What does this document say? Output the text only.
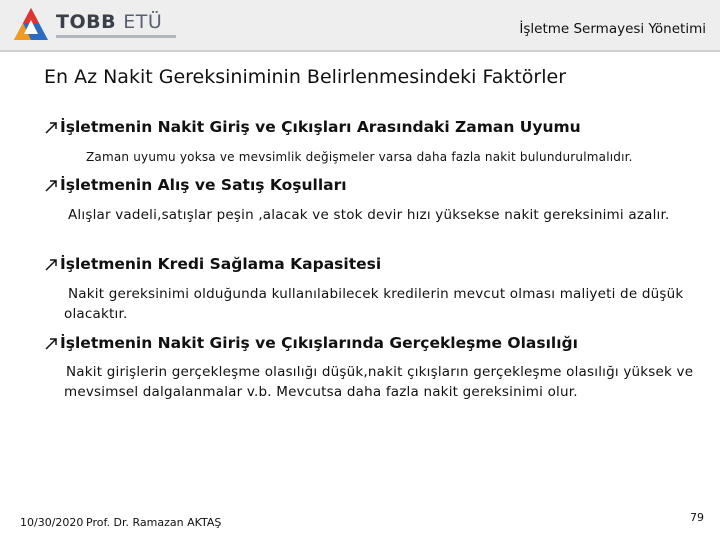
TOBB ETÜ	İşletme Sermayesi Yönetimi
En Az Nakit Gereksiniminin Belirlenmesindeki Faktörler
İşletmenin Nakit Giriş ve Çıkışları Arasındaki Zaman Uyumu
Zaman uyumu yoksa ve mevsimlik değişmeler varsa daha fazla nakit bulundurulmalıdır.
İşletmenin Alış ve Satış Koşulları
Alışlar vadeli,satışlar peşin ,alacak ve stok devir hızı yüksekse nakit gereksinimi azalır.
İşletmenin Kredi Sağlama Kapasitesi
Nakit gereksinimi olduğunda kullanılabilecek kredilerin mevcut olması maliyeti de düşük olacaktır.
İşletmenin Nakit Giriş ve Çıkışlarında Gerçekleşme Olasılığı
Nakit girişlerin gerçekleşme olasılığı düşük,nakit çıkışların gerçekleşme olasılığı yüksek ve mevsimsel dalgalanmalar v.b. Mevcutsa daha fazla nakit gereksinimi olur.
10/30/2020 Prof. Dr. Ramazan AKTAŞ	79
